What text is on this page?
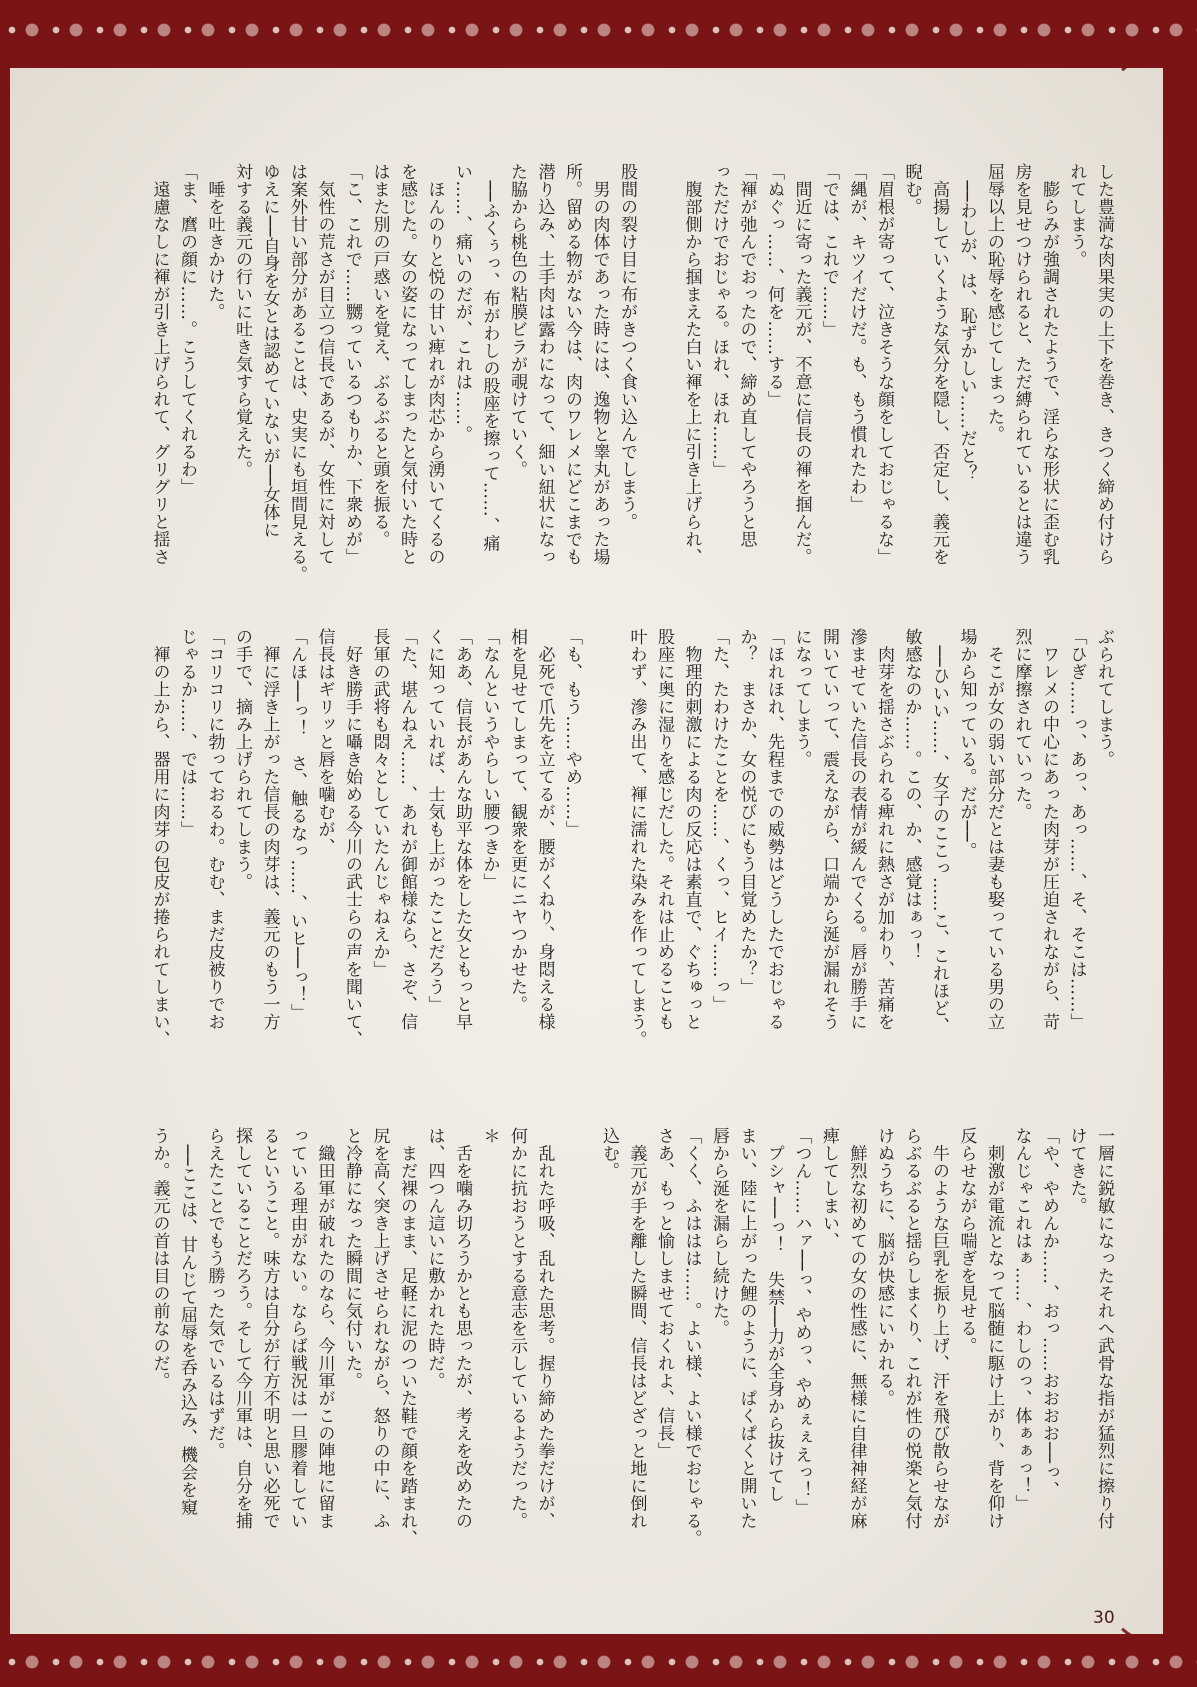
した豊満な肉果実の上下を巻き、きつく締め付けら
れてしまう。
　膨らみが強調されたようで、淫らな形状に歪む乳
房を見せつけられると、ただ縛られているとは違う
屈辱以上の恥辱を感じてしまった。
　──わしが、は、恥ずかしい……だと？
　高揚していくような気分を隠し、否定し、義元を
睨む。
「眉根が寄って、泣きそうな顔をしておじゃるな」
「縄が、キツイだけだ。も、もう慣れたわ」
「では、これで……」
　間近に寄った義元が、不意に信長の褌を掴んだ。
「ぬぐっ……、何を……する」
「褌が弛んでおったので、締め直してやろうと思
っただけでおじゃる。ほれ、ほれ……」
　腹部側から掴まえた白い褌を上に引き上げられ、
股間の裂け目に布がきつく食い込んでしまう。
　男の肉体であった時には、逸物と睾丸があった場
所。留める物がない今は、肉のワレメにどこまでも
潜り込み、土手肉は露わになって、細い紐状になっ
た脇から桃色の粘膜ビラが覗けていく。
　──ふくぅっ、布がわしの股座を擦って……、痛
い……、痛いのだが、これは……。
　ほんのりと悦の甘い痺れが肉芯から湧いてくるの
を感じた。女の姿になってしまったと気付いた時と
はまた別の戸惑いを覚え、ぶるぶると頭を振る。
「こ、これで……嬲っているつもりか、下衆めが」
　気性の荒さが目立つ信長であるが、女性に対して
は案外甘い部分があることは、史実にも垣間見える。
ゆえに──自身を女とは認めていないが──女体に
対する義元の行いに吐き気すら覚えた。
　唾を吐きかけた。
「ま、麿の顔に……。こうしてくれるわ」
　遠慮なしに褌が引き上げられて、グリグリと揺さ
ぶられてしまう。
「ひぎ……っ、あっ、あっ……、そ、そこは……」
　ワレメの中心にあった肉芽が圧迫されながら、苛
烈に摩擦されていった。
　そこが女の弱い部分だとは妻も娶っている男の立
場から知っている。だが──。
　──ひいい……、女子のここっ……こ、これほど、
敏感なのか……。この、か、感覚はぁっ！
　肉芽を揺さぶられる痺れに熱さが加わり、苦痛を
滲ませていた信長の表情が緩んでくる。唇が勝手に
開いていって、震えながら、口端から涎が漏れそう
になってしまう。
「ほれほれ、先程までの威勢はどうしたでおじゃる
か？　まさか、女の悦びにもう目覚めたか？」
「た、たわけたことを……、くっ、ヒイ……っ」
　物理的刺激による肉の反応は素直で、ぐちゅっと
股座に奥に湿りを感じだした。それは止めることも
叶わず、滲み出て、褌に濡れた染みを作ってしまう。
「も、もう……やめ……」
　必死で爪先を立てるが、腰がくねり、身悶える様
相を見せてしまって、観衆を更にニヤつかせた。
「なんというやらしい腰つきか」
「ああ、信長があんな助平な体をした女ともっと早
くに知っていれば、士気も上がったことだろう」
「た、堪んねえ……、あれが御館様なら、さぞ、信
長軍の武将も悶々としていたんじゃねえか」
　好き勝手に囁き始める今川の武士らの声を聞いて、
信長はギリッと唇を噛むが、
「んほ──っ！　さ、触るなっ……、いヒ──っ！」
　褌に浮き上がった信長の肉芽は、義元のもう一方
の手で、摘み上げられてしまう。
「コリコリに勃っておるわ。むむ、まだ皮被りでお
じゃるか……、では……」
　褌の上から、器用に肉芽の包皮が捲られてしまい、
一層に鋭敏になったそれへ武骨な指が猛烈に擦り付
けてきた。
「や、やめんか……、おっ……おおおお──っ、
なんじゃこれはぁ……、わしのっ、体ぁぁっ！」
　刺激が電流となって脳髄に駆け上がり、背を仰け
反らせながら喘ぎを見せる。
　牛のような巨乳を振り上げ、汗を飛び散らせなが
らぶるぶると揺らしまくり、これが性の悦楽と気付
けぬうちに、脳が快感にいかれる。
　鮮烈な初めての女の性感に、無様に自律神経が麻
痺してしまい、
「つん……ハァ──っ、やめっ、やめぇぇえっ！」
　プシャ──っ！　失禁──力が全身から抜けてし
まい、陸に上がった鯉のように、ぱくぱくと開いた
唇から涎を漏らし続けた。
「くく、ふははは……。よい様、よい様でおじゃる。
さあ、もっと愉しませておくれよ、信長」
　義元が手を離した瞬間、信長はどざっと地に倒れ
込む。
　乱れた呼吸、乱れた思考。握り締めた拳だけが、
何かに抗おうとする意志を示しているようだった。
＊
　舌を噛み切ろうかとも思ったが、考えを改めたの
は、四つん這いに敷かれた時だ。
　まだ裸のまま、足軽に泥のついた鞋で顔を踏まれ、
尻を高く突き上げさせられながら、怒りの中に、ふ
と冷静になった瞬間に気付いた。
　織田軍が破れたのなら、今川軍がこの陣地に留ま
っている理由がない。ならば戦況は一旦膠着してい
るということ。味方は自分が行方不明と思い必死で
探していることだろう。そして今川軍は、自分を捕
らえたことでもう勝った気でいるはずだ。
　──ここは、甘んじて屈辱を呑み込み、機会を窺
うか。義元の首は目の前なのだ。
30
